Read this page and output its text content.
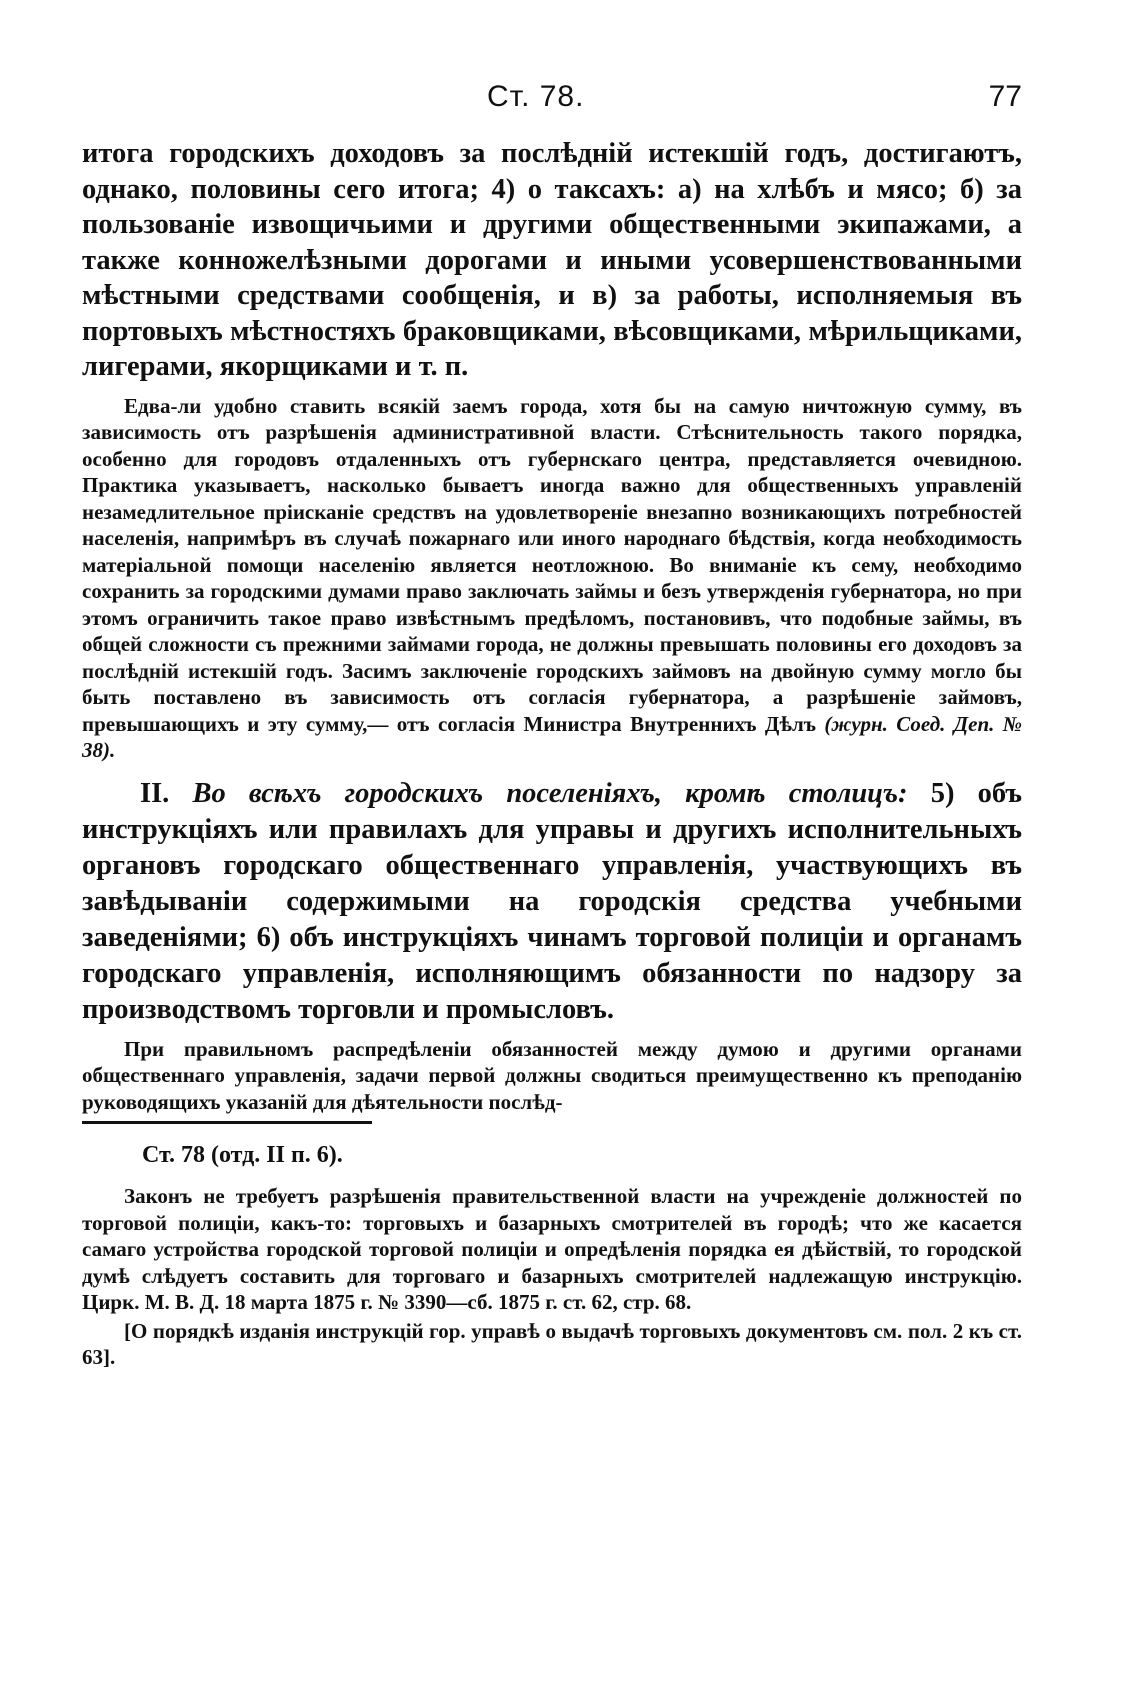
Ст. 78.	77

итога городскихъ доходовъ за послѣдній истекшій годъ, достигаютъ, однако, половины сего итога; 4) о таксахъ: а) на хлѣбъ и мясо; б) за пользованіе извощичьими и другими общественными экипажами, а также конножелѣзными дорогами и иными усовершенствованными мѣстными средствами сообщенія, и в) за работы, исполняемыя въ портовыхъ мѣстностяхъ браковщиками, вѣсовщиками, мѣрильщиками, лигерами, якорщиками и т. п.

Едва-ли удобно ставить всякій заемъ города, хотя бы на самую ничтожную сумму, въ зависимость отъ разрѣшенія административной власти. Стѣснительность такого порядка, особенно для городовъ отдаленныхъ отъ губернскаго центра, представляется очевидною. Практика указываетъ, насколько бываетъ иногда важно для общественныхъ управленій незамедлительное прiисканiе средствъ на удовлетворенiе внезапно возникающихъ потребностей населенія, напримѣръ въ случаѣ пожарнаго или иного народнаго бѣдствія, когда необходимость матеріальной помощи населенію является неотложною. Во вниманіе къ сему, необходимо сохранить за городскими думами право заключать займы и безъ утвержденія губернатора, но при этомъ ограничить такое право извѣстнымъ предѣломъ, постановивъ, что подобные займы, въ общей сложности съ прежними займами города, не должны превышать половины его доходовъ за послѣдній истекшій годъ. Засимъ заключеніе городскихъ займовъ на двойную сумму могло бы быть поставлено въ зависимость отъ согласія губернатора, а разрѣшеніе займовъ, превышающихъ и эту сумму,— отъ согласія Министра Внутреннихъ Дѣлъ (журн. Соед. Деп. № 38).

II. Во всѣхъ городскихъ поселеніяхъ, кромѣ столицъ: 5) объ инструкціяхъ или правилахъ для управы и другихъ исполнительныхъ органовъ городскаго общественнаго управленія, участвующихъ въ завѣдываніи содержимыми на городскія средства учебными заведеніями; 6) объ инструкціяхъ чинамъ торговой полиціи и органамъ городскаго управленія, исполняющимъ обязанности по надзору за производствомъ торговли и промысловъ.

При правильномъ распредѣленіи обязанностей между думою и другими органами общественнаго управленія, задачи первой должны сводиться преимущественно къ преподанію руководящихъ указаній для дѣятельности послѣд-

Ст. 78 (отд. II п. 6).

Законъ не требуетъ разрѣшенія правительственной власти на учрежденіе должностей по торговой полиціи, какъ-то: торговыхъ и базарныхъ смотрителей въ городѣ; что же касается самаго устройства городской торговой полиціи и опредѣленія порядка ея дѣйствій, то городской думѣ слѣдуетъ составить для торговаго и базарныхъ смотрителей надлежащую инструкцію. Цирк. М. В. Д. 18 марта 1875 г. № 3390—сб. 1875 г. ст. 62, стр. 68.

[О порядкѣ изданія инструкцій гор. управѣ о выдачѣ торговыхъ документовъ см. пол. 2 къ ст. 63].
